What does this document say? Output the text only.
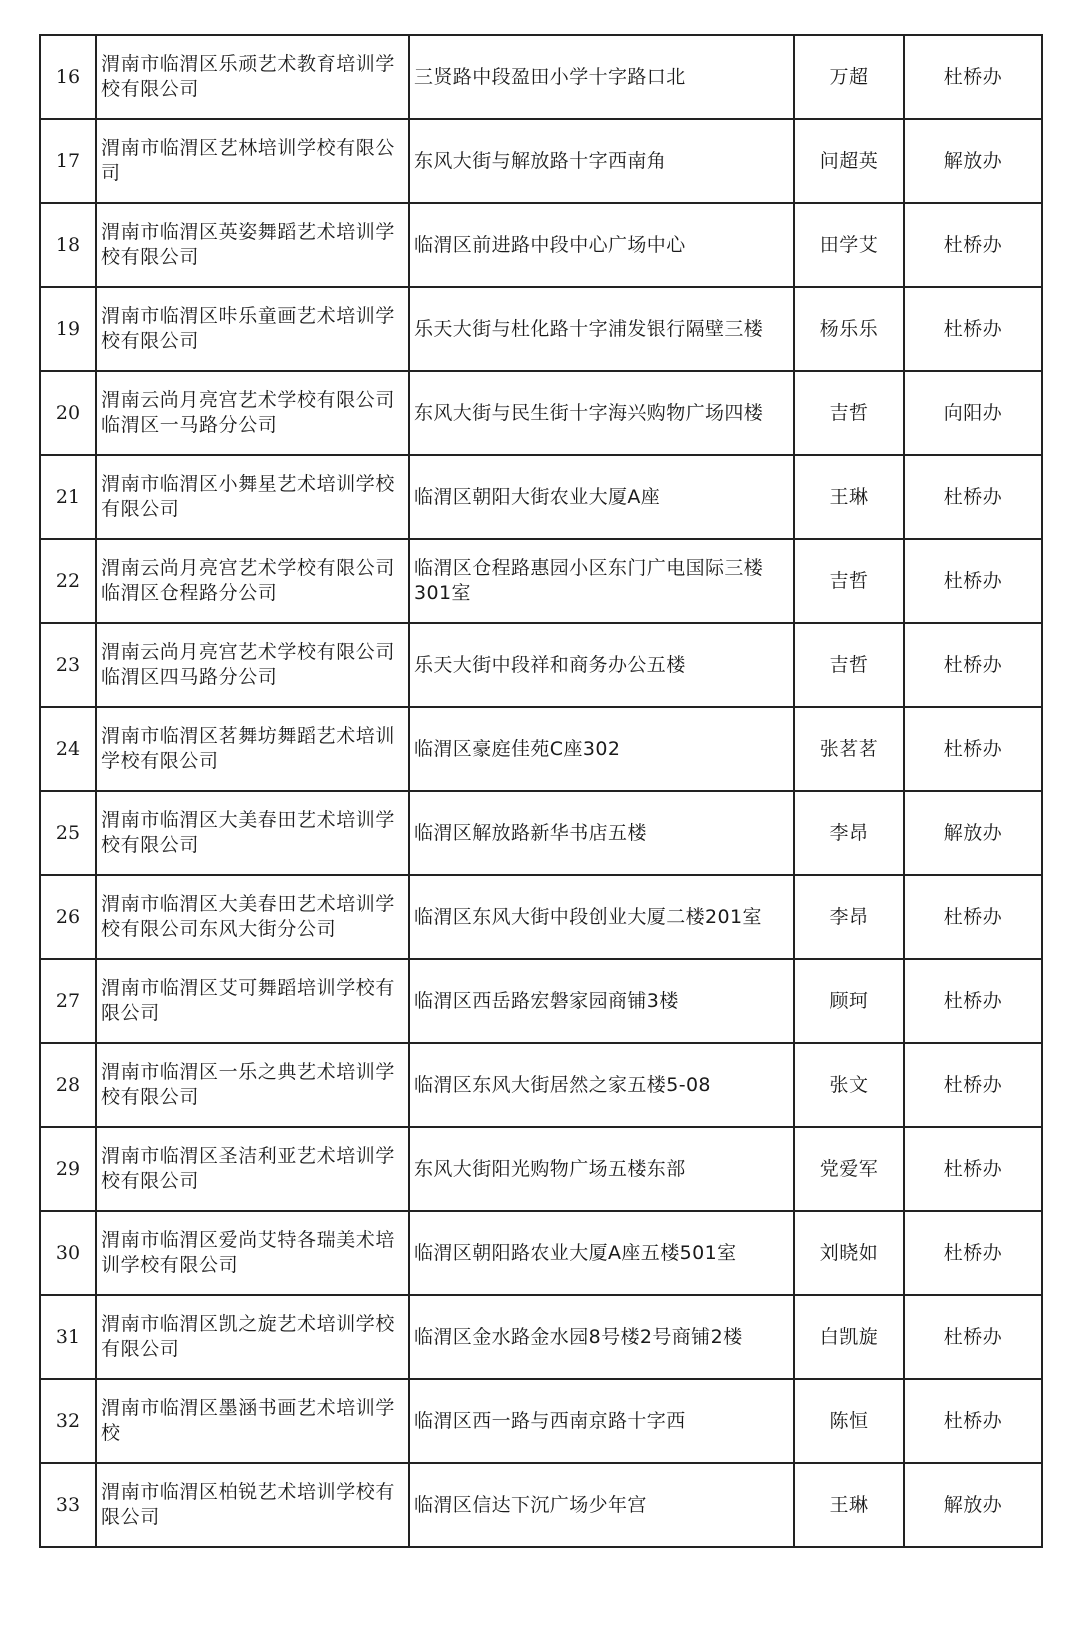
16	渭南市临渭区乐顽艺术教育培训学校有限公司	三贤路中段盈田小学十字路口北	万超	杜桥办
17	渭南市临渭区艺林培训学校有限公司	东风大街与解放路十字西南角	问超英	解放办
18	渭南市临渭区英姿舞蹈艺术培训学校有限公司	临渭区前进路中段中心广场中心	田学艾	杜桥办
19	渭南市临渭区咔乐童画艺术培训学校有限公司	乐天大街与杜化路十字浦发银行隔壁三楼	杨乐乐	杜桥办
20	渭南云尚月亮宫艺术学校有限公司临渭区一马路分公司	东风大街与民生街十字海兴购物广场四楼	吉哲	向阳办
21	渭南市临渭区小舞星艺术培训学校有限公司	临渭区朝阳大街农业大厦A座	王琳	杜桥办
22	渭南云尚月亮宫艺术学校有限公司临渭区仓程路分公司	临渭区仓程路惠园小区东门广电国际三楼301室	吉哲	杜桥办
23	渭南云尚月亮宫艺术学校有限公司临渭区四马路分公司	乐天大街中段祥和商务办公五楼	吉哲	杜桥办
24	渭南市临渭区茗舞坊舞蹈艺术培训学校有限公司	临渭区豪庭佳苑C座302	张茗茗	杜桥办
25	渭南市临渭区大美春田艺术培训学校有限公司	临渭区解放路新华书店五楼	李昂	解放办
26	渭南市临渭区大美春田艺术培训学校有限公司东风大街分公司	临渭区东风大街中段创业大厦二楼201室	李昂	杜桥办
27	渭南市临渭区艾可舞蹈培训学校有限公司	临渭区西岳路宏磐家园商铺3楼	顾珂	杜桥办
28	渭南市临渭区一乐之典艺术培训学校有限公司	临渭区东风大街居然之家五楼5-08	张文	杜桥办
29	渭南市临渭区圣洁利亚艺术培训学校有限公司	东风大街阳光购物广场五楼东部	党爱军	杜桥办
30	渭南市临渭区爱尚艾特各瑞美术培训学校有限公司	临渭区朝阳路农业大厦A座五楼501室	刘晓如	杜桥办
31	渭南市临渭区凯之旋艺术培训学校有限公司	临渭区金水路金水园8号楼2号商铺2楼	白凯旋	杜桥办
32	渭南市临渭区墨涵书画艺术培训学校	临渭区西一路与西南京路十字西	陈恒	杜桥办
33	渭南市临渭区柏锐艺术培训学校有限公司	临渭区信达下沉广场少年宫	王琳	解放办
